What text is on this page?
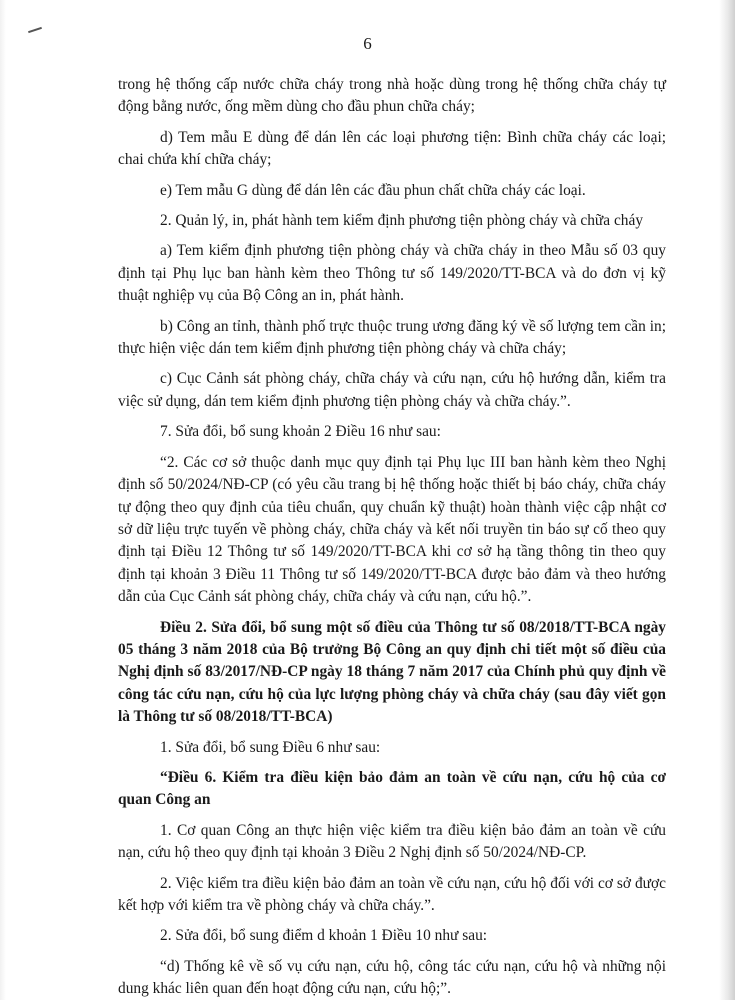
6

trong hệ thống cấp nước chữa cháy trong nhà hoặc dùng trong hệ thống chữa cháy tự động bằng nước, ống mềm dùng cho đầu phun chữa cháy;

d) Tem mẫu E dùng để dán lên các loại phương tiện: Bình chữa cháy các loại; chai chứa khí chữa cháy;

e) Tem mẫu G dùng để dán lên các đầu phun chất chữa cháy các loại.

2. Quản lý, in, phát hành tem kiểm định phương tiện phòng cháy và chữa cháy

a) Tem kiểm định phương tiện phòng cháy và chữa cháy in theo Mẫu số 03 quy định tại Phụ lục ban hành kèm theo Thông tư số 149/2020/TT-BCA và do đơn vị kỹ thuật nghiệp vụ của Bộ Công an in, phát hành.

b) Công an tỉnh, thành phố trực thuộc trung ương đăng ký về số lượng tem cần in; thực hiện việc dán tem kiểm định phương tiện phòng cháy và chữa cháy;

c) Cục Cảnh sát phòng cháy, chữa cháy và cứu nạn, cứu hộ hướng dẫn, kiểm tra việc sử dụng, dán tem kiểm định phương tiện phòng cháy và chữa cháy.”.

7. Sửa đổi, bổ sung khoản 2 Điều 16 như sau:

“2. Các cơ sở thuộc danh mục quy định tại Phụ lục III ban hành kèm theo Nghị định số 50/2024/NĐ-CP (có yêu cầu trang bị hệ thống hoặc thiết bị báo cháy, chữa cháy tự động theo quy định của tiêu chuẩn, quy chuẩn kỹ thuật) hoàn thành việc cập nhật cơ sở dữ liệu trực tuyến về phòng cháy, chữa cháy và kết nối truyền tin báo sự cố theo quy định tại Điều 12 Thông tư số 149/2020/TT-BCA khi cơ sở hạ tầng thông tin theo quy định tại khoản 3 Điều 11 Thông tư số 149/2020/TT-BCA được bảo đảm và theo hướng dẫn của Cục Cảnh sát phòng cháy, chữa cháy và cứu nạn, cứu hộ.”.

Điều 2. Sửa đổi, bổ sung một số điều của Thông tư số 08/2018/TT-BCA ngày 05 tháng 3 năm 2018 của Bộ trưởng Bộ Công an quy định chi tiết một số điều của Nghị định số 83/2017/NĐ-CP ngày 18 tháng 7 năm 2017 của Chính phủ quy định về công tác cứu nạn, cứu hộ của lực lượng phòng cháy và chữa cháy (sau đây viết gọn là Thông tư số 08/2018/TT-BCA)

1. Sửa đổi, bổ sung Điều 6 như sau:

“Điều 6. Kiểm tra điều kiện bảo đảm an toàn về cứu nạn, cứu hộ của cơ quan Công an

1. Cơ quan Công an thực hiện việc kiểm tra điều kiện bảo đảm an toàn về cứu nạn, cứu hộ theo quy định tại khoản 3 Điều 2 Nghị định số 50/2024/NĐ-CP.

2. Việc kiểm tra điều kiện bảo đảm an toàn về cứu nạn, cứu hộ đối với cơ sở được kết hợp với kiểm tra về phòng cháy và chữa cháy.”.

2. Sửa đổi, bổ sung điểm d khoản 1 Điều 10 như sau:

“d) Thống kê về số vụ cứu nạn, cứu hộ, công tác cứu nạn, cứu hộ và những nội dung khác liên quan đến hoạt động cứu nạn, cứu hộ;”.
